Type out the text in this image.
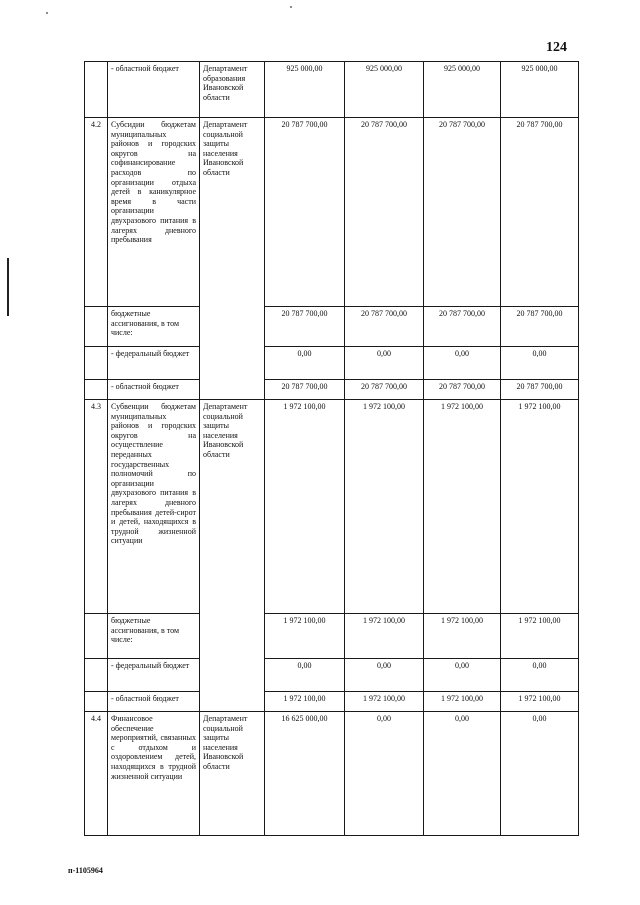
124
	- областной бюджет	Департамент образования Ивановской области	925 000,00	925 000,00	925 000,00	925 000,00
4.2	Субсидии бюджетам муниципальных районов и городских округов на софинансирование расходов по организации отдыха детей в каникулярное время в части организации двухразового питания в лагерях дневного пребывания	Департамент социальной защиты населения Ивановской области	20 787 700,00	20 787 700,00	20 787 700,00	20 787 700,00
	бюджетные ассигнования, в том числе:		20 787 700,00	20 787 700,00	20 787 700,00	20 787 700,00
	- федеральный бюджет		0,00	0,00	0,00	0,00
	- областной бюджет		20 787 700,00	20 787 700,00	20 787 700,00	20 787 700,00
4.3	Субвенции бюджетам муниципальных районов и городских округов на осуществление переданных государственных полномочий по организации двухразового питания в лагерях дневного пребывания детей-сирот и детей, находящихся в трудной жизненной ситуации	Департамент социальной защиты населения Ивановской области	1 972 100,00	1 972 100,00	1 972 100,00	1 972 100,00
	бюджетные ассигнования, в том числе:		1 972 100,00	1 972 100,00	1 972 100,00	1 972 100,00
	- федеральный бюджет		0,00	0,00	0,00	0,00
	- областной бюджет		1 972 100,00	1 972 100,00	1 972 100,00	1 972 100,00
4.4	Финансовое обеспечение мероприятий, связанных с отдыхом и оздоровлением детей, находящихся в трудной жизненной ситуации	Департамент социальной защиты населения Ивановской области	16 625 000,00	0,00	0,00	0,00
п-1105964
